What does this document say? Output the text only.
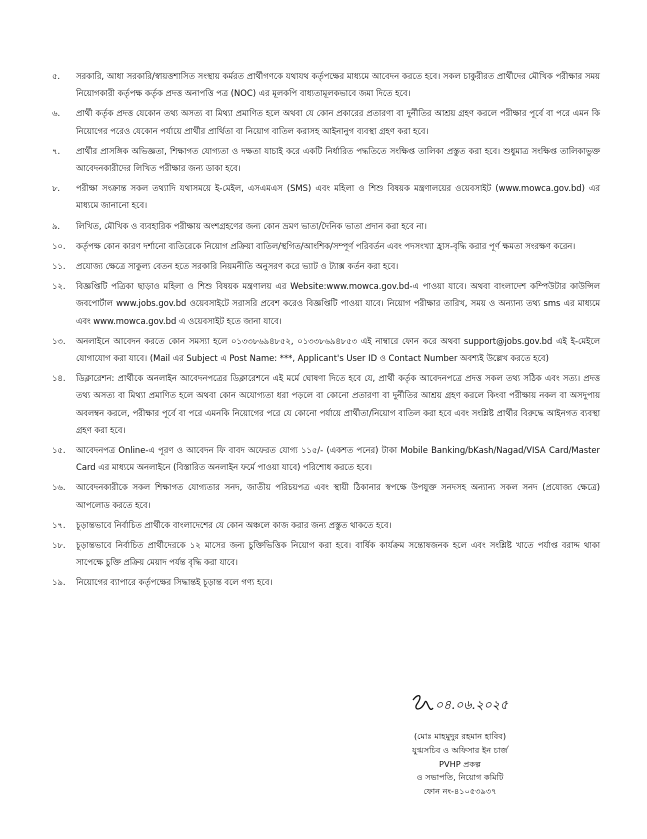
৫.	সরকারি, আধা সরকারি/স্বায়ত্তশাসিত সংস্থায় কর্মরত প্রার্থীগণকে যথাযথ কর্তৃপক্ষের মাধ্যমে আবেদন করতে হবে। সকল চাকুরীরত প্রার্থীদের মৌখিক পরীক্ষার সময় নিয়োগকারী কর্তৃপক্ষ কর্তৃক প্রদত্ত অনাপত্তি পত্র (NOC) এর মূলকপি বাধ্যতামূলকভাবে জমা দিতে হবে।
৬.	প্রার্থী কর্তৃক প্রদত্ত যেকোন তথ্য অসত্য বা মিথ্যা প্রমাণিত হলে অথবা যে কোন প্রকারের প্রতারণা বা দুর্নীতির আশ্রয় গ্রহণ করলে পরীক্ষার পূর্বে বা পরে এমন কি নিয়োগের পরেও যেকোন পর্যায়ে প্রার্থীর প্রার্থিতা বা নিয়োগ বাতিল করাসহ আইনানুগ ব্যবস্থা গ্রহণ করা হবে।
৭.	প্রার্থীর প্রাসঙ্গিক অভিজ্ঞতা, শিক্ষাগত যোগ্যতা ও দক্ষতা যাচাই করে একটি নির্ধারিত পদ্ধতিতে সংক্ষিপ্ত তালিকা প্রস্তুত করা হবে। শুধুমাত্র সংক্ষিপ্ত তালিকাভুক্ত আবেদনকারীদের লিখিত পরীক্ষার জন্য ডাকা হবে।
৮.	পরীক্ষা সংক্রান্ত সকল তথ্যাদি যথাসময়ে ই-মেইল, এসএমএস (SMS) এবং মহিলা ও শিশু বিষয়ক মন্ত্রণালয়ের ওয়েবসাইট (www.mowca.gov.bd) এর মাধ্যমে জানানো হবে।
৯.	লিখিত, মৌখিক ও ব্যবহারিক পরীক্ষায় অংশগ্রহণের জন্য কোন ভ্রমণ ভাতা/দৈনিক ভাতা প্রদান করা হবে না।
১০.	কর্তৃপক্ষ কোন কারণ দর্শানো ব্যতিরেকে নিয়োগ প্রক্রিয়া বাতিল/স্থগিত/আংশিক/সম্পূর্ণ পরিবর্তন এবং পদসংখ্যা হ্রাস-বৃদ্ধি করার পূর্ণ ক্ষমতা সংরক্ষণ করেন।
১১.	প্রযোজ্য ক্ষেত্রে সাকুল্য বেতন হতে সরকারি নিয়মনীতি অনুসরণ করে ভ্যাট ও ট্যাক্স কর্তন করা হবে।
১২.	বিজ্ঞপ্তিটি পত্রিকা ছাড়াও মহিলা ও শিশু বিষয়ক মন্ত্রণালয় এর Website:www.mowca.gov.bd-এ পাওয়া যাবে। অথবা বাংলাদেশ কম্পিউটার কাউন্সিল জবপোর্টাল www.jobs.gov.bd ওয়েবসাইটে সরাসরি প্রবেশ করেও বিজ্ঞপ্তিটি পাওয়া যাবে। নিয়োগ পরীক্ষার তারিখ, সময় ও অন্যান্য তথ্য sms এর মাধ্যমে এবং www.mowca.gov.bd এ ওয়েবসাইট হতে জানা যাবে।
১৩.	অনলাইনে আবেদন করতে কোন সমস্যা হলে ০১৩৩৮৬৯৪৮৫২, ০১৩৩৮৬৯৪৮৫৩ এই নাম্বারে ফোন করে অথবা support@jobs.gov.bd এই ই-মেইলে যোগাযোগ করা যাবে। (Mail এর Subject এ Post Name: ***, Applicant's User ID ও Contact Number অবশ্যই উল্লেখ করতে হবে)
১৪.	ডিক্লারেশন: প্রার্থীকে অনলাইন আবেদনপত্রের ডিক্লারেশনে এই মর্মে ঘোষণা দিতে হবে যে, প্রার্থী কর্তৃক আবেদনপত্রে প্রদত্ত সকল তথ্য সঠিক এবং সত্য। প্রদত্ত তথ্য অসত্য বা মিথ্যা প্রমাণিত হলে অথবা কোন অযোগ্যতা ধরা পড়লে বা কোনো প্রতারণা বা দুর্নীতির আশ্রয় গ্রহণ করলে কিংবা পরীক্ষায় নকল বা অসদুপায় অবলম্বন করলে, পরীক্ষার পূর্বে বা পরে এমনকি নিয়োগের পরে যে কোনো পর্যায়ে প্রার্থীতা/নিয়োগ বাতিল করা হবে এবং সংশ্লিষ্ট প্রার্থীর বিরুদ্ধে আইনগত ব্যবস্থা গ্রহণ করা হবে।
১৫.	আবেদনপত্র Online-এ পূরণ ও আবেদন ফি বাবদ অফেরত যোগ্য ১১৫/- (একশত পনের) টাকা Mobile Banking/bKash/Nagad/VISA Card/Master Card এর মাধ্যমে অনলাইনে (বিস্তারিত অনলাইন ফর্মে পাওয়া যাবে) পরিশোধ করতে হবে।
১৬.	আবেদনকারীকে সকল শিক্ষাগত যোগ্যতার সনদ, জাতীয় পরিচয়পত্র এবং স্থায়ী ঠিকানার স্বপক্ষে উপযুক্ত সনদসহ অন্যান্য সকল সনদ (প্রযোজ্য ক্ষেত্রে) আপলোড করতে হবে।
১৭.	চূড়ান্তভাবে নির্বাচিত প্রার্থীকে বাংলাদেশের যে কোন অঞ্চলে কাজ করার জন্য প্রস্তুত থাকতে হবে।
১৮.	চূড়ান্তভাবে নির্বাচিত প্রার্থীদেরকে ১২ মাসের জন্য চুক্তিভিত্তিক নিয়োগ করা হবে। বার্ষিক কার্যক্রম সন্তোষজনক হলে এবং সংশ্লিষ্ট খাতে পর্যাপ্ত বরাদ্দ থাকা সাপেক্ষে চুক্তি প্রক্রিয় মেয়াদ পর্যন্ত বৃদ্ধি করা যাবে।
১৯.	নিয়োগের ব্যাপারে কর্তৃপক্ষের সিদ্ধান্তই চূড়ান্ত বলে গণ্য হবে।
০৪.০৬.২০২৫
(মোঃ মাহমুদুর রহমান হাবিব)
যুগ্মসচিব ও অফিসার ইন চার্জ
PVHP প্রকল্প
ও সভাপতি, নিয়োগ কমিটি
ফোন নং-৪১০৫৩৯৩৭
